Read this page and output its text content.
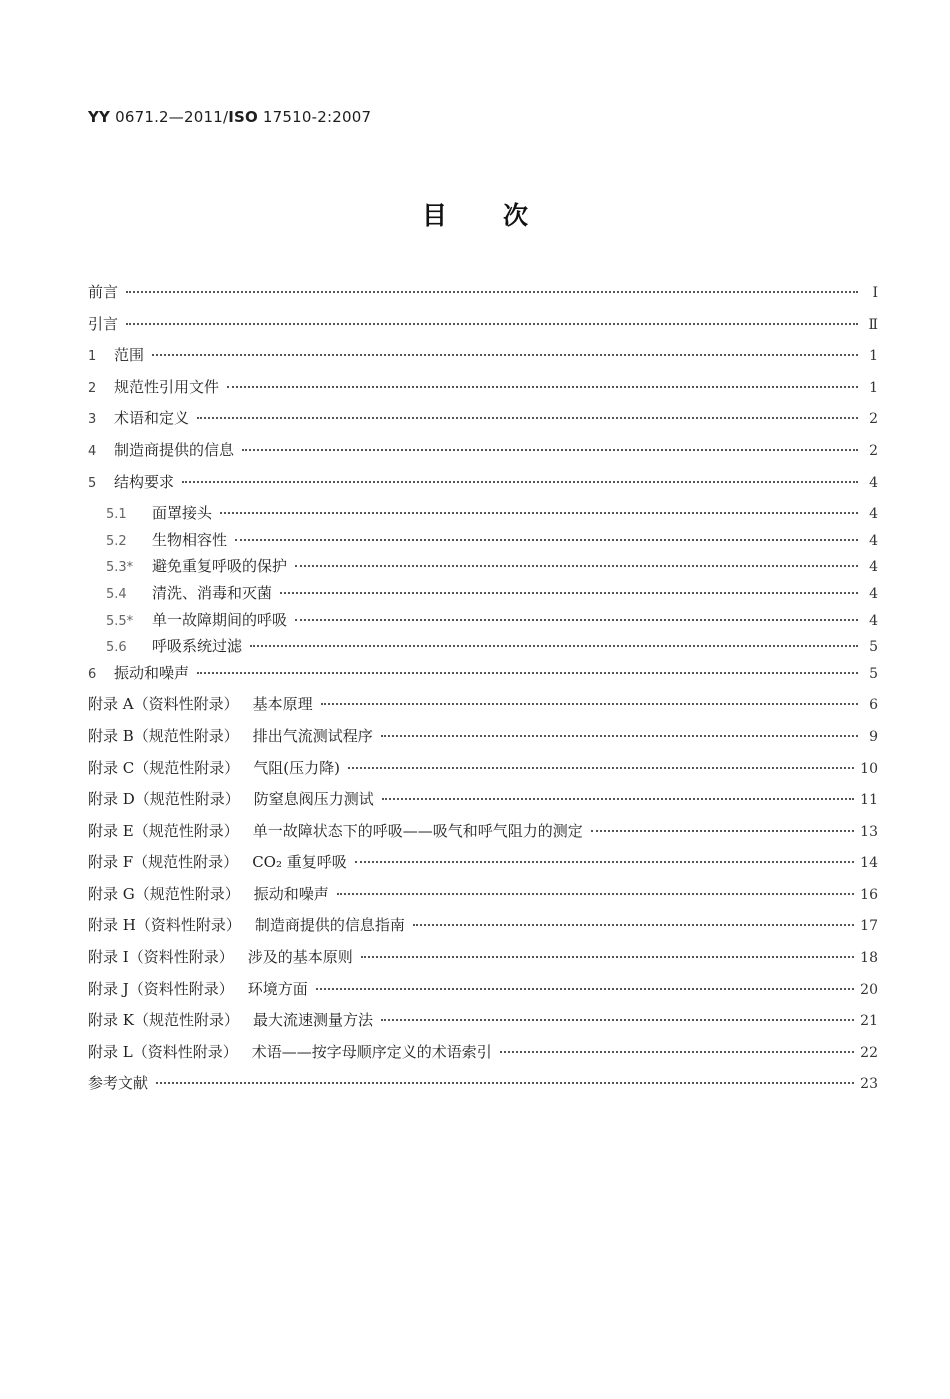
YY 0671.2—2011/ISO 17510-2:2007
目次
前言	Ⅰ
引言	Ⅱ
1	范围	1
2	规范性引用文件	1
3	术语和定义	2
4	制造商提供的信息	2
5	结构要求	4
5.1	面罩接头	4
5.2	生物相容性	4
5.3*	避免重复呼吸的保护	4
5.4	清洗、消毒和灭菌	4
5.5*	单一故障期间的呼吸	4
5.6	呼吸系统过滤	5
6	振动和噪声	5
附录 A（资料性附录） 基本原理	6
附录 B（规范性附录） 排出气流测试程序	9
附录 C（规范性附录） 气阻(压力降)	10
附录 D（规范性附录） 防窒息阀压力测试	11
附录 E（规范性附录） 单一故障状态下的呼吸——吸气和呼气阻力的测定	13
附录 F（规范性附录） CO₂ 重复呼吸	14
附录 G（规范性附录） 振动和噪声	16
附录 H（资料性附录） 制造商提供的信息指南	17
附录 I（资料性附录） 涉及的基本原则	18
附录 J（资料性附录） 环境方面	20
附录 K（规范性附录） 最大流速测量方法	21
附录 L（资料性附录） 术语——按字母顺序定义的术语索引	22
参考文献	23
